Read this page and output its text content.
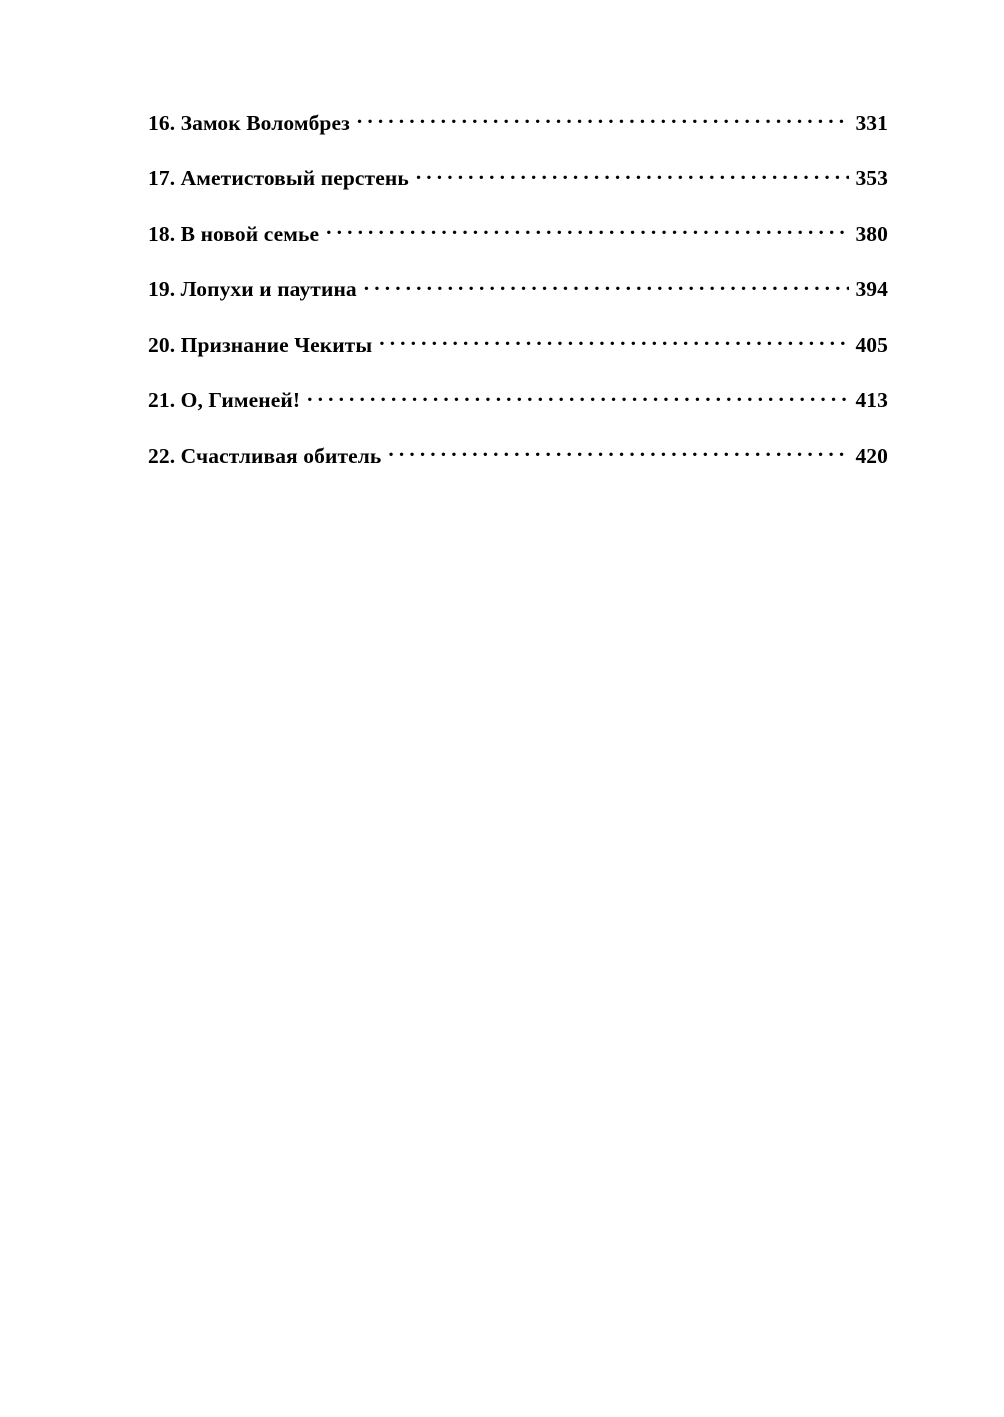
16. Замок Воломбрез .....	331
17. Аметистовый перстень .....	353
18. В новой семье .....	380
19. Лопухи и паутина .....	394
20. Признание Чекиты .....	405
21. О, Гименей! .....	413
22. Счастливая обитель .....	420
